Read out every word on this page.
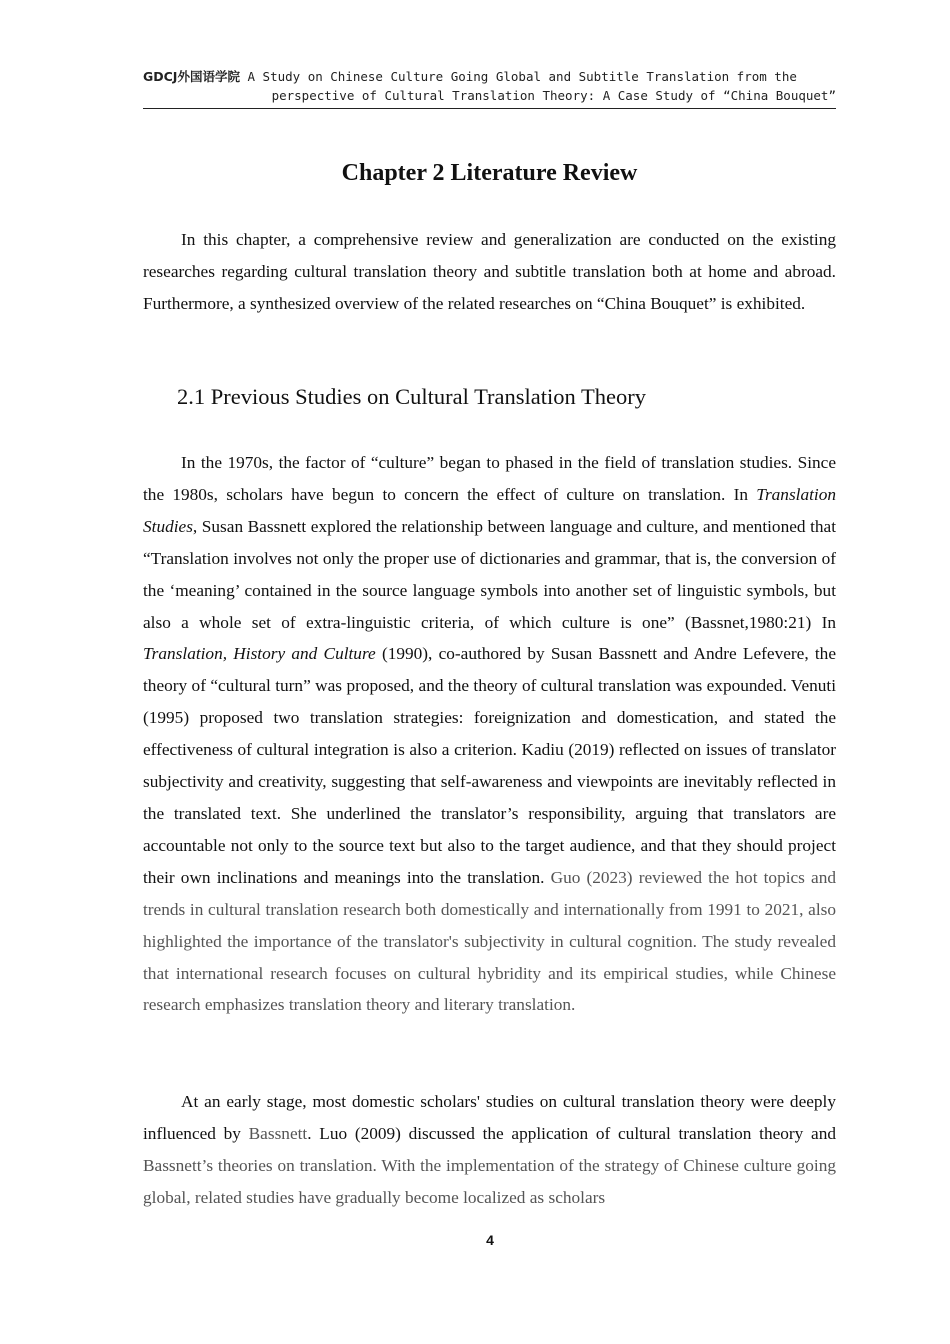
GDCJ外国语学院 A Study on Chinese Culture Going Global and Subtitle Translation from the
perspective of Cultural Translation Theory: A Case Study of “China Bouquet”
Chapter 2 Literature Review

In this chapter, a comprehensive review and generalization are conducted on the existing researches regarding cultural translation theory and subtitle translation both at home and abroad. Furthermore, a synthesized overview of the related researches on “China Bouquet” is exhibited.

2.1 Previous Studies on Cultural Translation Theory

In the 1970s, the factor of “culture” began to phased in the field of translation studies. Since the 1980s, scholars have begun to concern the effect of culture on translation. In Translation Studies, Susan Bassnett explored the relationship between language and culture, and mentioned that “Translation involves not only the proper use of dictionaries and grammar, that is, the conversion of the ‘meaning’ contained in the source language symbols into another set of linguistic symbols, but also a whole set of extra-linguistic criteria, of which culture is one” (Bassnet,1980:21) In Translation, History and Culture (1990), co-authored by Susan Bassnett and Andre Lefevere, the theory of “cultural turn” was proposed, and the theory of cultural translation was expounded. Venuti (1995) proposed two translation strategies: foreignization and domestication, and stated the effectiveness of cultural integration is also a criterion. Kadiu (2019) reflected on issues of translator subjectivity and creativity, suggesting that self-awareness and viewpoints are inevitably reflected in the translated text. She underlined the translator’s responsibility, arguing that translators are accountable not only to the source text but also to the target audience, and that they should project their own inclinations and meanings into the translation. Guo (2023) reviewed the hot topics and trends in cultural translation research both domestically and internationally from 1991 to 2021, also highlighted the importance of the translator's subjectivity in cultural cognition. The study revealed that international research focuses on cultural hybridity and its empirical studies, while Chinese research emphasizes translation theory and literary translation.

At an early stage, most domestic scholars' studies on cultural translation theory were deeply influenced by Bassnett. Luo (2009) discussed the application of cultural translation theory and Bassnett’s theories on translation. With the implementation of the strategy of Chinese culture going global, related studies have gradually become localized as scholars

4
